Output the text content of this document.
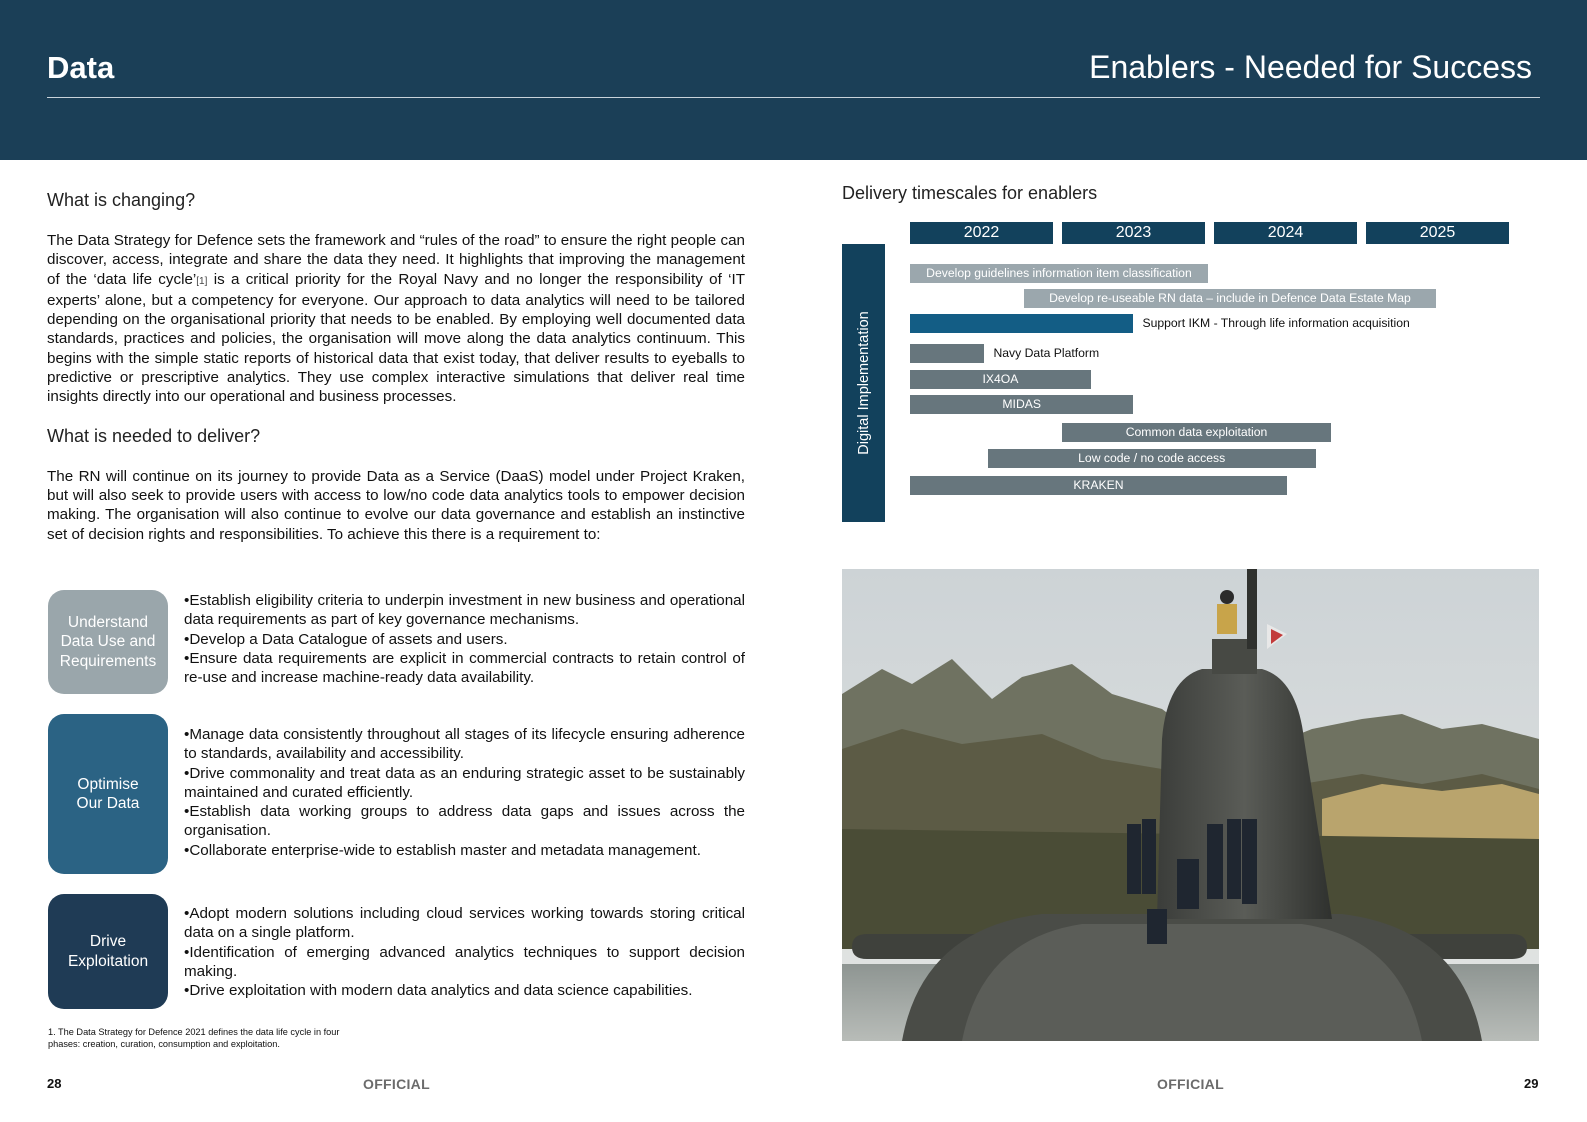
Data	Enablers - Needed for Success
What is changing?

The Data Strategy for Defence sets the framework and “rules of the road” to ensure the right people can discover, access, integrate and share the data they need. It highlights that improving the management of the ‘data life cycle’[1] is a critical priority for the Royal Navy and no longer the responsibility of ‘IT experts’ alone, but a competency for everyone. Our approach to data analytics will need to be tailored depending on the organisational priority that needs to be enabled. By employing well documented data standards, practices and policies, the organisation will move along the data analytics continuum. This begins with the simple static reports of historical data that exist today, that deliver results to eyeballs to predictive or prescriptive analytics. They use complex interactive simulations that deliver real time insights directly into our operational and business processes.

What is needed to deliver?

The RN will continue on its journey to provide Data as a Service (DaaS) model under Project Kraken, but will also seek to provide users with access to low/no code data analytics tools to empower decision making. The organisation will also continue to evolve our data governance and establish an instinctive set of decision rights and responsibilities. To achieve this there is a requirement to:

Understand Data Use and Requirements
•Establish eligibility criteria to underpin investment in new business and operational data requirements as part of key governance mechanisms.
•Develop a Data Catalogue of assets and users.
•Ensure data requirements are explicit in commercial contracts to retain control of re-use and increase machine-ready data availability.
Optimise Our Data
•Manage data consistently throughout all stages of its lifecycle ensuring adherence to standards, availability and accessibility.
•Drive commonality and treat data as an enduring strategic asset to be sustainably maintained and curated efficiently.
•Establish data working groups to address data gaps and issues across the organisation.
•Collaborate enterprise-wide to establish master and metadata management.
Drive Exploitation
•Adopt modern solutions including cloud services working towards storing critical data on a single platform.
•Identification of emerging advanced analytics techniques to support decision making.
•Drive exploitation with modern data analytics and data science capabilities.
1. The Data Strategy for Defence 2021 defines the data life cycle in four phases: creation, curation, consumption and exploitation.
28	OFFICIAL	OFFICIAL	29
Delivery timescales for enablers
Digital Implementation
2022	2023	2024	2025
Develop guidelines information item classification
Develop re-useable RN data – include in Defence Data Estate Map
Support IKM - Through life information acquisition
Navy Data Platform
IX4OA
MIDAS
Common data exploitation
Low code / no code access
KRAKEN
